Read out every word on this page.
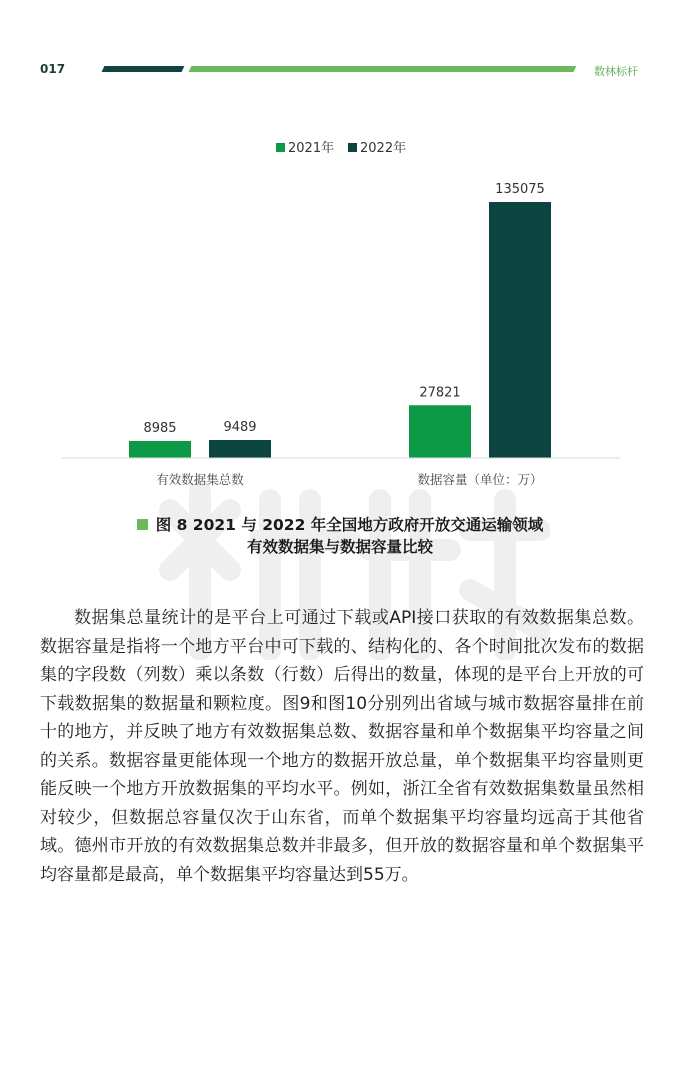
017	数林标杆
2021年 2022年
8985	9489
27821
135075
有效数据集总数	数据容量（单位：万）
图 8 2021 与 2022 年全国地方政府开放交通运输领域
有效数据集与数据容量比较

数据集总量统计的是平台上可通过下载或API接口获取的有效数据集总数。数据容量是指将一个地方平台中可下载的、结构化的、各个时间批次发布的数据集的字段数（列数）乘以条数（行数）后得出的数量，体现的是平台上开放的可下载数据集的数据量和颗粒度。图9和图10分别列出省域与城市数据容量排在前十的地方，并反映了地方有效数据集总数、数据容量和单个数据集平均容量之间的关系。数据容量更能体现一个地方的数据开放总量，单个数据集平均容量则更能反映一个地方开放数据集的平均水平。例如，浙江全省有效数据集数量虽然相对较少，但数据总容量仅次于山东省，而单个数据集平均容量均远高于其他省域。德州市开放的有效数据集总数并非最多，但开放的数据容量和单个数据集平均容量都是最高，单个数据集平均容量达到55万。
